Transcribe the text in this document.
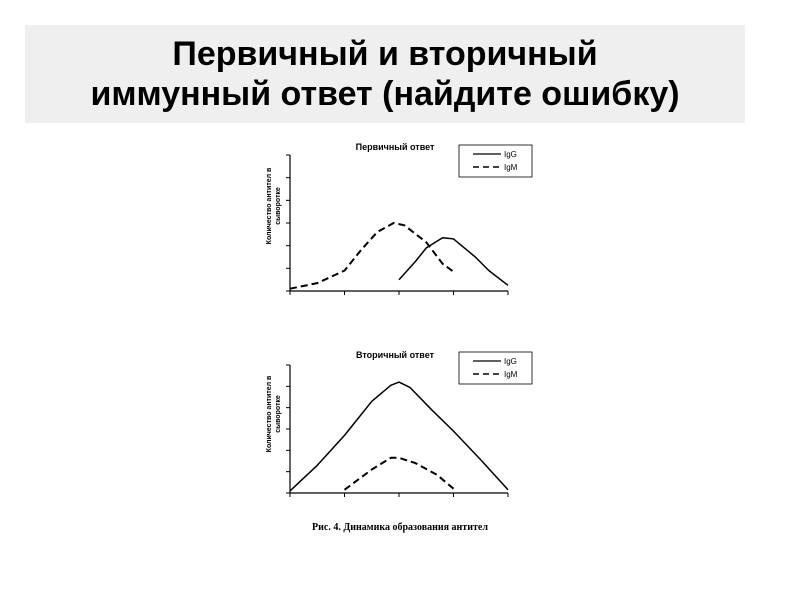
Первичный и вторичный
иммунный ответ (найдите ошибку)
Первичный ответ
Количество антител в сыворотке
IgG
IgM
Вторичный ответ
Количество антител в сыворотке
IgG
IgM
Рис. 4. Динамика образования антител
